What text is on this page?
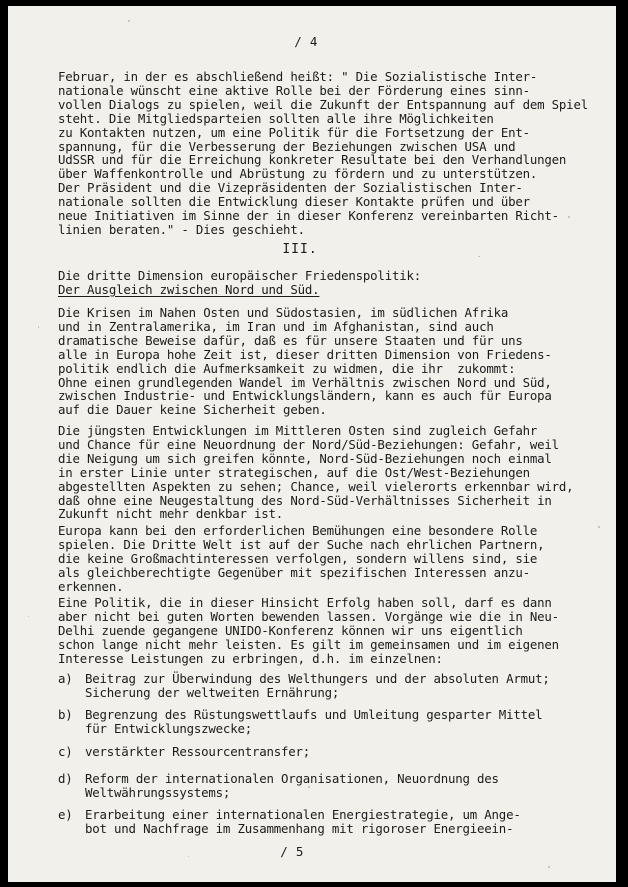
/ 4
Februar, in der es abschließend heißt: " Die Sozialistische Inter-
nationale wünscht eine aktive Rolle bei der Förderung eines sinn-
vollen Dialogs zu spielen, weil die Zukunft der Entspannung auf dem Spiel
steht. Die Mitgliedsparteien sollten alle ihre Möglichkeiten
zu Kontakten nutzen, um eine Politik für die Fortsetzung der Ent-
spannung, für die Verbesserung der Beziehungen zwischen USA und
UdSSR und für die Erreichung konkreter Resultate bei den Verhandlungen
über Waffenkontrolle und Abrüstung zu fördern und zu unterstützen.
Der Präsident und die Vizepräsidenten der Sozialistischen Inter-
nationale sollten die Entwicklung dieser Kontakte prüfen und über
neue Initiativen im Sinne der in dieser Konferenz vereinbarten Richt-
linien beraten." - Dies geschieht.
III.
Die dritte Dimension europäischer Friedenspolitik:
Der Ausgleich zwischen Nord und Süd.
Die Krisen im Nahen Osten und Südostasien, im südlichen Afrika
und in Zentralamerika, im Iran und im Afghanistan, sind auch
dramatische Beweise dafür, daß es für unsere Staaten und für uns
alle in Europa hohe Zeit ist, dieser dritten Dimension von Friedens-
politik endlich die Aufmerksamkeit zu widmen, die ihr  zukommt:
Ohne einen grundlegenden Wandel im Verhältnis zwischen Nord und Süd,
zwischen Industrie- und Entwicklungsländern, kann es auch für Europa
auf die Dauer keine Sicherheit geben.
Die jüngsten Entwicklungen im Mittleren Osten sind zugleich Gefahr
und Chance für eine Neuordnung der Nord/Süd-Beziehungen: Gefahr, weil
die Neigung um sich greifen könnte, Nord-Süd-Beziehungen noch einmal
in erster Linie unter strategischen, auf die Ost/West-Beziehungen
abgestellten Aspekten zu sehen; Chance, weil vielerorts erkennbar wird,
daß ohne eine Neugestaltung des Nord-Süd-Verhältnisses Sicherheit in
Zukunft nicht mehr denkbar ist.
Europa kann bei den erforderlichen Bemühungen eine besondere Rolle
spielen. Die Dritte Welt ist auf der Suche nach ehrlichen Partnern,
die keine Großmachtinteressen verfolgen, sondern willens sind, sie
als gleichberechtigte Gegenüber mit spezifischen Interessen anzu-
erkennen.
Eine Politik, die in dieser Hinsicht Erfolg haben soll, darf es dann
aber nicht bei guten Worten bewenden lassen. Vorgänge wie die in Neu-
Delhi zuende gegangene UNIDO-Konferenz können wir uns eigentlich
schon lange nicht mehr leisten. Es gilt im gemeinsamen und im eigenen
Interesse Leistungen zu erbringen, d.h. im einzelnen:
a) Beitrag zur Überwindung des Welthungers und der absoluten Armut;
Sicherung der weltweiten Ernährung;
b) Begrenzung des Rüstungswettlaufs und Umleitung gesparter Mittel
für Entwicklungszwecke;
c) verstärkter Ressourcentransfer;
d) Reform der internationalen Organisationen, Neuordnung des
Weltwährungssystems;
e) Erarbeitung einer internationalen Energiestrategie, um Ange-
bot und Nachfrage im Zusammenhang mit rigoroser Energieein-
/ 5
